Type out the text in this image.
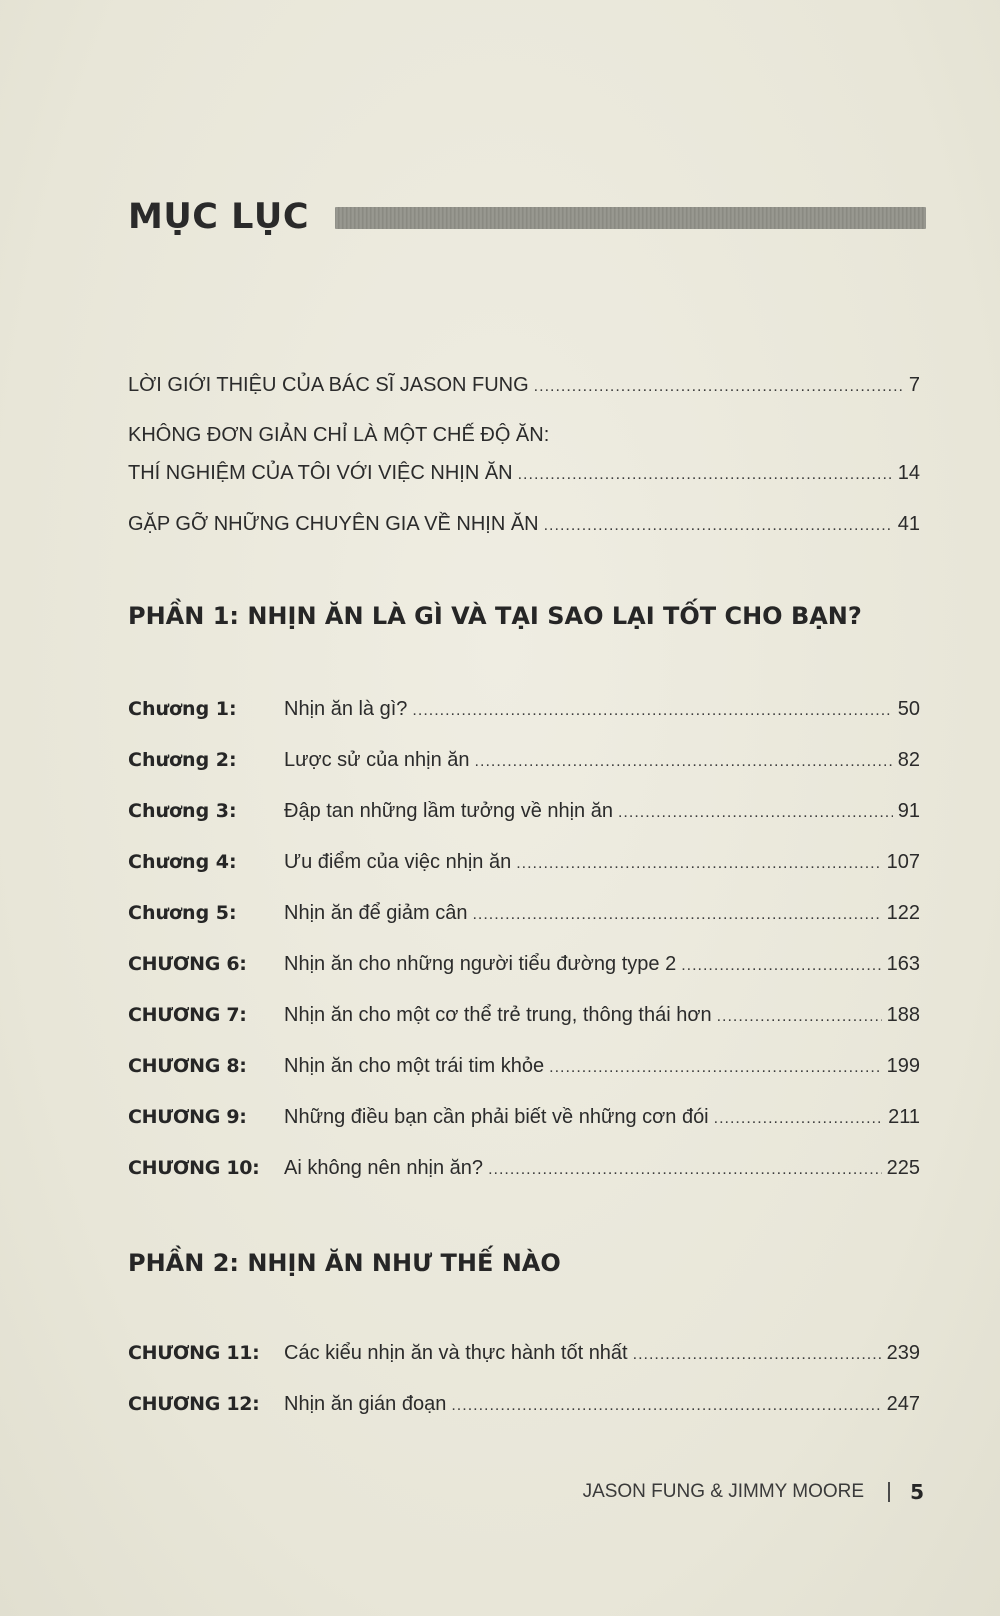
MỤC LỤC
LỜI GIỚI THIỆU CỦA BÁC SĨ JASON FUNG .....	7
KHÔNG ĐƠN GIẢN CHỈ LÀ MỘT CHẾ ĐỘ ĂN:
THÍ NGHIỆM CỦA TÔI VỚI VIỆC NHỊN ĂN .....	14
GẶP GỠ NHỮNG CHUYÊN GIA VỀ NHỊN ĂN .....	41
PHẦN 1: NHỊN ĂN LÀ GÌ VÀ TẠI SAO LẠI TỐT CHO BẠN?
Chương 1:	Nhịn ăn là gì? .....	50
Chương 2:	Lược sử của nhịn ăn .....	82
Chương 3:	Đập tan những lầm tưởng về nhịn ăn .....	91
Chương 4:	Ưu điểm của việc nhịn ăn .....	107
Chương 5:	Nhịn ăn để giảm cân .....	122
CHƯƠNG 6:	Nhịn ăn cho những người tiểu đường type 2 .....	163
CHƯƠNG 7:	Nhịn ăn cho một cơ thể trẻ trung, thông thái hơn .....	188
CHƯƠNG 8:	Nhịn ăn cho một trái tim khỏe .....	199
CHƯƠNG 9:	Những điều bạn cần phải biết về những cơn đói .....	211
CHƯƠNG 10:	Ai không nên nhịn ăn? .....	225
PHẦN 2: NHỊN ĂN NHƯ THẾ NÀO
CHƯƠNG 11:	Các kiểu nhịn ăn và thực hành tốt nhất .....	239
CHƯƠNG 12:	Nhịn ăn gián đoạn .....	247
JASON FUNG & JIMMY MOORE 5
